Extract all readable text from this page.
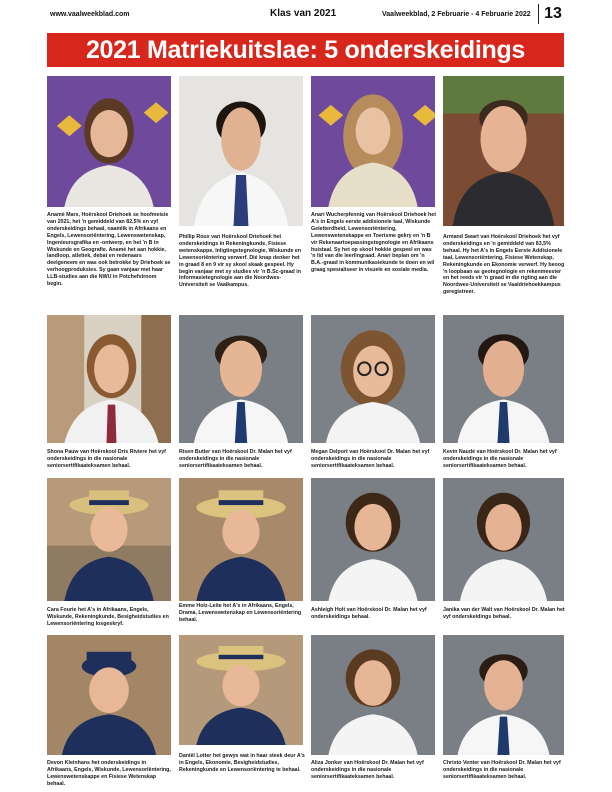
www.vaalweekblad.com	Klas van 2021	Vaalweekblad, 2 Februarie - 4 Februarie 2022 13
2021 Matriekuitslae: 5 onderskeidings
Anamé Marx, Hoërskool Driehoek se hoofmeisie van 2021, het 'n gemiddeld van 82,5% en vyf onderskeidings behaal, naamlik in Afrikaans en Engels, Lewensoriëntering, Lewenswetenskap, Ingenieursgrafika en -ontwerp, en het 'n B in Wiskunde en Geografie. Anamé het aan hokkie, landloop, atletiek, debat en redenaars deelgeneem en was ook betrokke by Driehoek se verhoogproduksies. Sy gaan vanjaar met haar LLB-studies aan die NWU in Potchefstroom begin.
Phillip Roux van Hoërskool Driehoek het onderskeidings in Rekeningkunde, Fisiese wetenskappe, Inligtingstegnologie, Wiskunde en Lewensoriëntering verwerf. Dié knap denker het in graad 8 en 9 vir sy skool skaak gespeel. Hy begin vanjaar met sy studies vir 'n B.Sc-graad in Informasietegnologie aan die Noordwes-Universiteit se Vaalkampus.
Anari Wucherpfennig van Hoërskool Driehoek het A's in Engels eerste addisionele taal, Wiskunde Geletterdheid, Lewensoriëntering, Lewenswetenskappe en Toerisme gekry en 'n B vir Rekenaartoepassingstegnologie en Afrikaans huistaal. Sy het op skool hokkie gespeel en was 'n lid van die leerlingraad. Anari beplan om 'n B.A.-graad in kommunikasiekunde te doen en wil graag spesialiseer in visuele en sosiale media.
Armand Swart van Hoërskool Driehoek het vyf onderskeidings en 'n gemiddeld van 83,5% behaal. Hy het A's in Engels Eerste Addisionele taal, Lewensoriëntering, Fisiese Wetenskap, Rekeningkunde en Ekonomie verwerf. Hy beoog 'n loopbaan as geotegnologie en rekenmeester en het reeds vir 'n graad in die rigting aan die Noordwes-Universiteit se Vaaldriehoekkampus geregistreer.
Shona Pauw van Hoërskool Dris Riviere het vyf onderskeidings in die nasionale seniorsertifikaateksamen behaal.
Risen Butler van Hoërskool Dr. Malan het vyf onderskeidings in die nasionale seniorsertifikaateksamen behaal.
Megan Delport van Hoërskool Dr. Malan het vyf onderskeidings in die nasionale seniorsertifikaateksamen behaal.
Kevin Naudé van Hoërskool Dr. Malan het vyf onderskeidings in die nasionale seniorsertifikaateksamen behaal.
Cara Fourie het A's in Afrikaans, Engels, Wiskunde, Rekeningkunde, Besigheidstudies en Lewensoriëntering losgeskryf.
Emme Holz-Leite het A's in Afrikaans, Engels, Drama, Lewenswetenskap en Lewensoriëntering behaal.
Ashleigh Holt van Hoërskool Dr. Malan het vyf onderskeidings behaal.
Janika van der Walt van Hoërskool Dr. Malan het vyf onderskeidings behaal.
Devon Kleinhans het onderskeidings in Afrikaans, Engels, Wiskunde, Lewensoriëntering, Lewenswetenskappe en Fisiese Wetenskap behaal.
Daniël Lotter het gewys wat in haar steek deur A's in Engels, Ekonomie, Besigheidstudies, Rekeningkunde en Lewensoriëntering te behaal.
Aliza Jonker van Hoërskool Dr. Malan het vyf onderskeidings in die nasionale seniorsertifikaateksamen behaal.
Christo Venter van Hoërskool Dr. Malan het vyf onderskeidings in die nasionale seniorsertifikaateksamen behaal.
